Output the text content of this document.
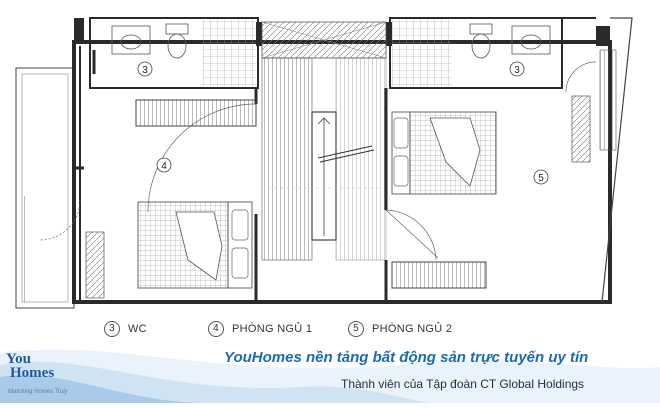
3	3
4
5
3	WC	4	PHÒNG NGỦ 1	5	PHÒNG NGỦ 2
You
Homes
Matching Homes Truly
YouHomes nền tảng bất động sản trực tuyến uy tín
Thành viên của Tập đoàn CT Global Holdings
